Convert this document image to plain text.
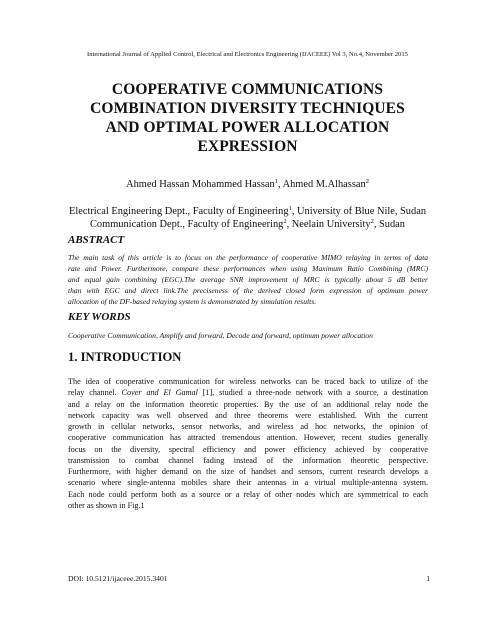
International Journal of Applied Control, Electrical and Electronics Engineering (IJACEEE) Vol 3, No.4, November 2015
COOPERATIVE COMMUNICATIONS
COMBINATION DIVERSITY TECHNIQUES
AND OPTIMAL POWER ALLOCATION
EXPRESSION
Ahmed Hassan Mohammed Hassan$^1$, Ahmed M.Alhassan$^2$
Electrical Engineering Dept., Faculty of Engineering$^1$, University of Blue Nile, Sudan
Communication Dept., Faculty of Engineering$^2$, Neelain University$^2$, Sudan
ABSTRACT
The main task of this article is to focus on the performance of cooperative MIMO relaying in terms of data
rate and Power. Furthermore, compare these performances when using Maximum Ratio Combining (MRC)
and equal gain combining (EGC).The average SNR improvement of MRC is typically about 5 dB better
than with EGC and direct link.The preciseness of the derived closed form expression of optimum power
allocation of the DF-based relaying system is demonstrated by simulation results.
KEY WORDS
Cooperative Communication, Amplify and forward, Decode and forward, optimum power allocation
1. INTRODUCTION
The idea of cooperative communication for wireless networks can be traced back to utilize of the
relay channel. Cover and El Gamal [1], studied a three-node network with a source, a destination
and a relay on the information theoretic properties. By the use of an additional relay node the
network capacity was well observed and three theorems were established. With the current
growth in cellular networks, sensor networks, and wireless ad hoc networks, the opinion of
cooperative communication has attracted tremendous attention. However, recent studies generally
focus on the diversity, spectral efficiency and power efficiency achieved by cooperative
transmission to combat channel fading instead of the information theoretic perspective.
Furthermore, with higher demand on the size of handset and sensors, current research develops a
scenario where single-antenna mobiles share their antennas in a virtual multiple-antenna system.
Each node could perform both as a source or a relay of other nodes which are symmetrical to each
other as shown in Fig.1
DOI: 10.5121/ijaceee.2015.3401	1
